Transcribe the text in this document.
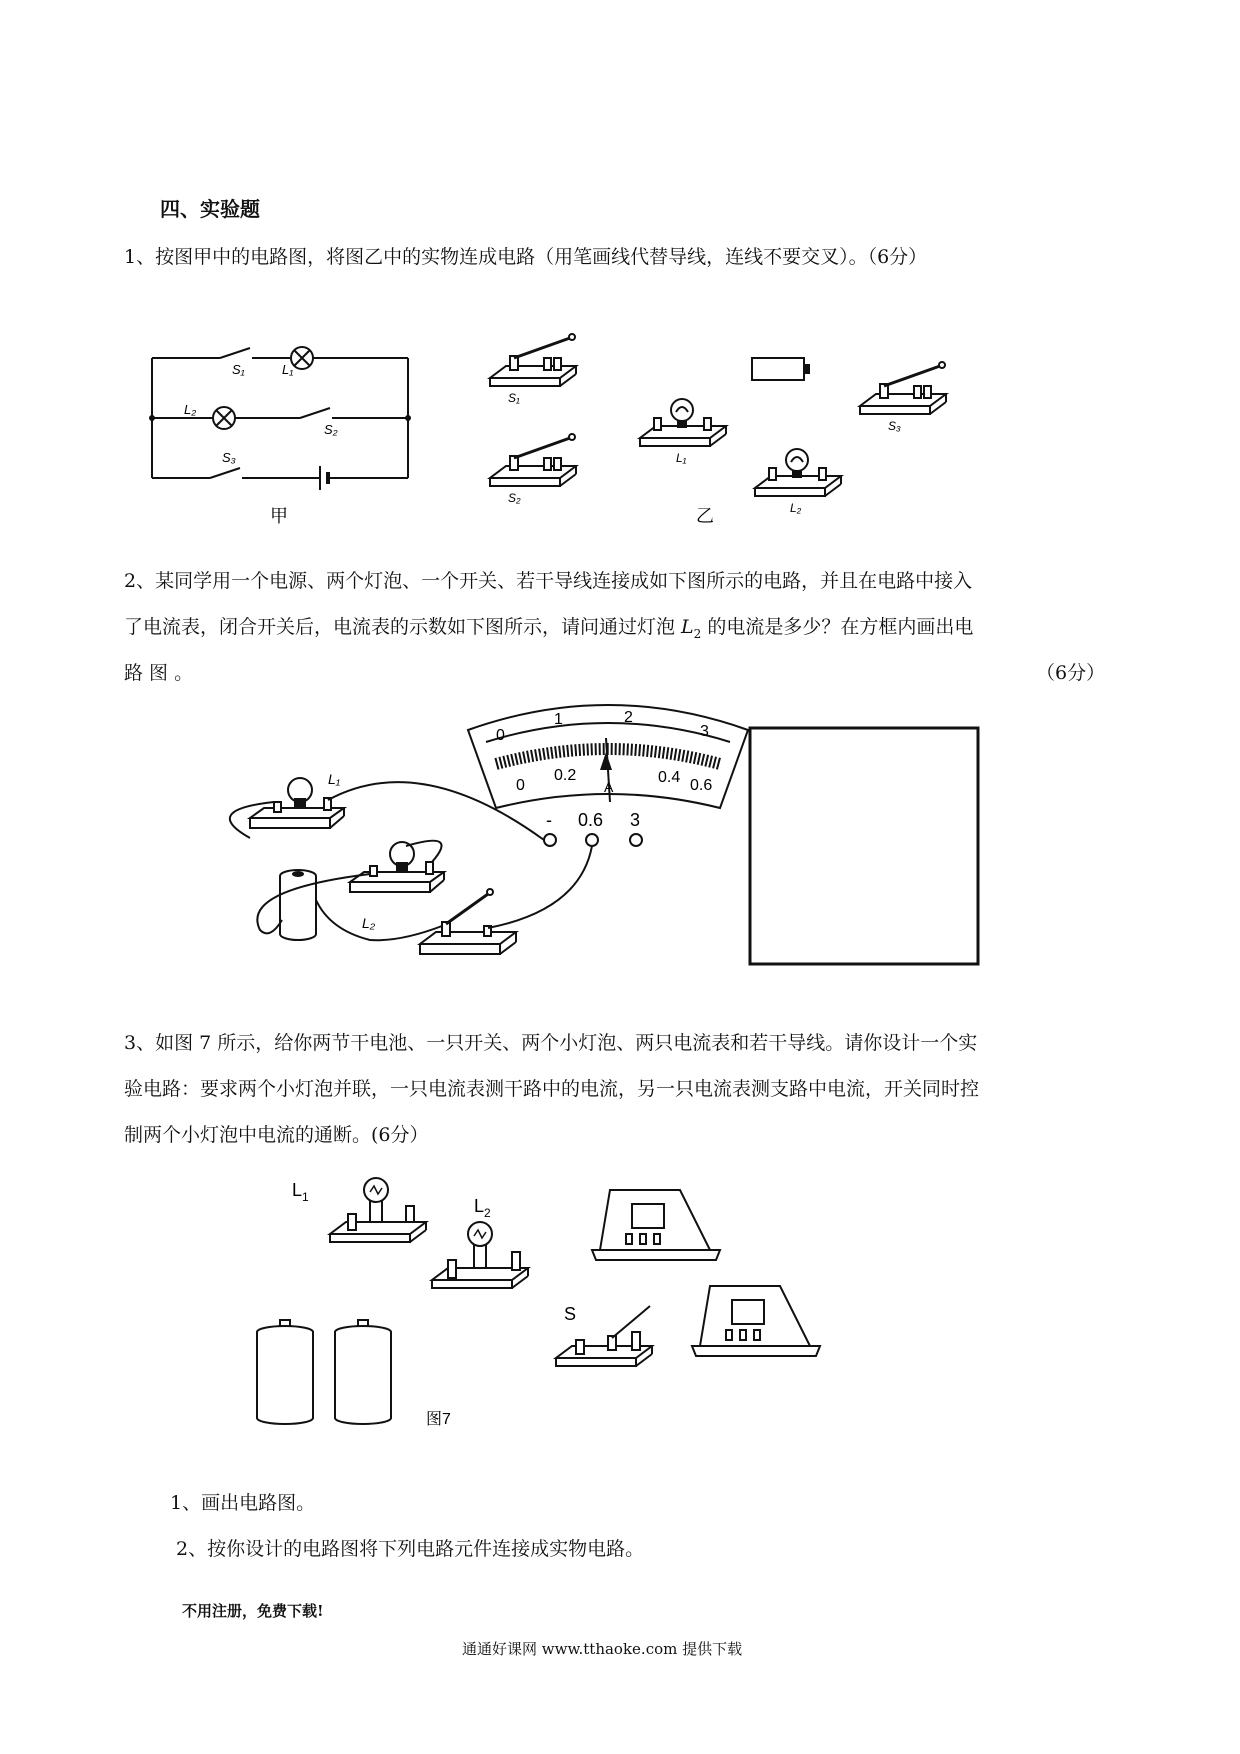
四、实验题
1、按图甲中的电路图，将图乙中的实物连成电路（用笔画线代替导线，连线不要交叉）。（6分）
S₁	L₁
L₂
S₂
S₃
甲
S₁
S₂
L₁
L₂
S₃
乙
2、某同学用一个电源、两个灯泡、一个开关、若干导线连接成如下图所示的电路，并且在电路中接入
了电流表，闭合开关后，电流表的示数如下图所示，请问通过灯泡 $L_2$ 的电流是多少？在方框内画出电
路 图 。	（6分）
0
1	2
3
0
0.2	0.4 0.6
A
- 0.6 3
L₁
L₂
3、如图 7 所示，给你两节干电池、一只开关、两个小灯泡、两只电流表和若干导线。请你设计一个实
验电路：要求两个小灯泡并联，一只电流表测干路中的电流，另一只电流表测支路中电流，开关同时控
制两个小灯泡中电流的通断。(6分）
$L_1$	$L_2$
S
图7
1、画出电路图。
2、按你设计的电路图将下列电路元件连接成实物电路。
不用注册，免费下载!
通通好课网 www.tthaoke.com 提供下载
